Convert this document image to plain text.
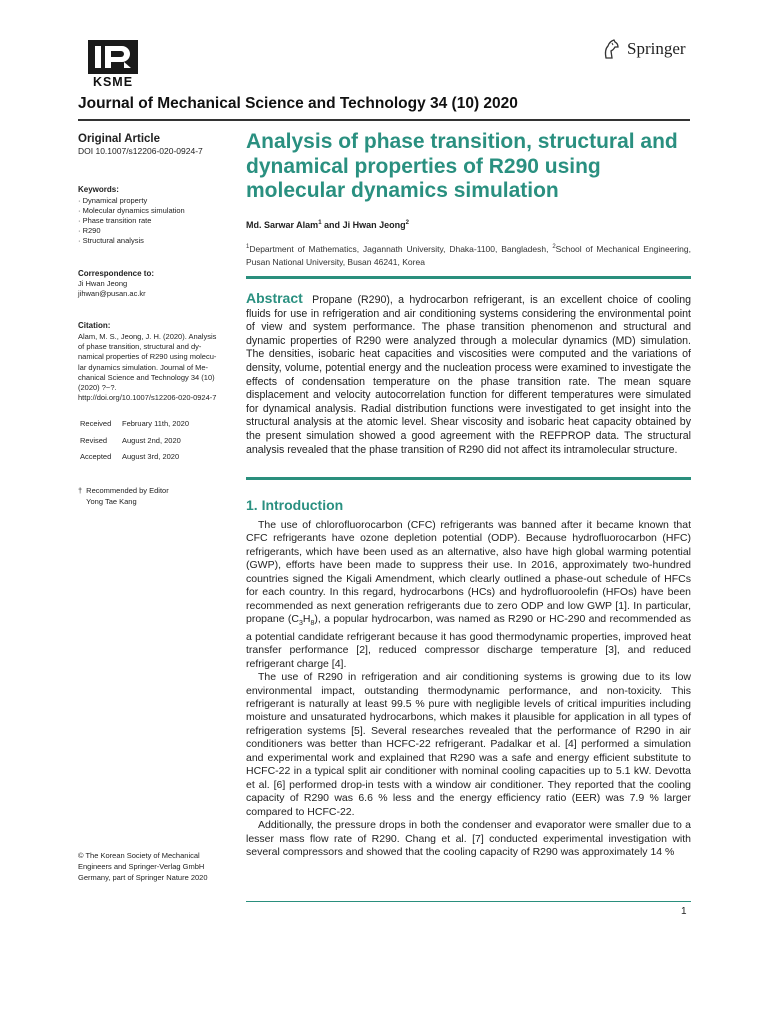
KSME
Springer
Journal of Mechanical Science and Technology 34 (10) 2020
Original Article
DOI 10.1007/s12206-020-0924-7
Keywords:
· Dynamical property
· Molecular dynamics simulation
· Phase transition rate
· R290
· Structural analysis
Correspondence to:
Ji Hwan Jeong
jihwan@pusan.ac.kr
Citation:
Alam, M. S., Jeong, J. H. (2020). Analysis
of phase transition, structural and dy-
namical properties of R290 using molecu-
lar dynamics simulation. Journal of Me-
chanical Science and Technology 34 (10)
(2020) ?~?.
http://doi.org/10.1007/s12206-020-0924-7
Received	February 11th, 2020
Revised	August 2nd, 2020
Accepted	August 3rd, 2020
† Recommended by Editor
Yong Tae Kang
© The Korean Society of Mechanical
Engineers and Springer-Verlag GmbH
Germany, part of Springer Nature 2020
Analysis of phase transition, structural and dynamical properties of R290 using molecular dynamics simulation
Md. Sarwar Alam$^1$ and Ji Hwan Jeong$^2$
$^1$Department of Mathematics, Jagannath University, Dhaka-1100, Bangladesh, $^2$School of Mechanical Engineering, Pusan National University, Busan 46241, Korea
Abstract Propane (R290), a hydrocarbon refrigerant, is an excellent choice of cooling fluids for use in refrigeration and air conditioning systems considering the environmental point of view and system performance. The phase transition phenomenon and structural and dynamic properties of R290 were analyzed through a molecular dynamics (MD) simulation. The densities, isobaric heat capacities and viscosities were computed and the variations of density, volume, potential energy and the nucleation process were examined to investigate the effects of condensation temperature on the phase transition rate. The mean square displacement and velocity autocorrelation function for different temperatures were simulated for dynamical analysis. Radial distribution functions were investigated to get insight into the structural analysis at the atomic level. Shear viscosity and isobaric heat capacity obtained by the present simulation showed a good agreement with the REFPROP data. The structural analysis revealed that the phase transition of R290 did not affect its intramolecular structure.
1. Introduction

The use of chlorofluorocarbon (CFC) refrigerants was banned after it became known that CFC refrigerants have ozone depletion potential (ODP). Because hydrofluorocarbon (HFC) refrigerants, which have been used as an alternative, also have high global warming potential (GWP), efforts have been made to suppress their use. In 2016, approximately two-hundred countries signed the Kigali Amendment, which clearly outlined a phase-out schedule of HFCs for each country. In this regard, hydrocarbons (HCs) and hydrofluoroolefin (HFOs) have been recommended as next generation refrigerants due to zero ODP and low GWP [1]. In particular, propane $(C_3H_8)$, a popular hydrocarbon, was named as R290 or HC-290 and recommended as a potential candidate refrigerant because it has good thermodynamic properties, improved heat transfer performance [2], reduced compressor discharge temperature [3], and reduced refrigerant charge [4].

The use of R290 in refrigeration and air conditioning systems is growing due to its low environmental impact, outstanding thermodynamic performance, and non-toxicity. This refrigerant is naturally at least 99.5 % pure with negligible levels of critical impurities including moisture and unsaturated hydrocarbons, which makes it plausible for application in all types of refrigeration systems [5]. Several researches revealed that the performance of R290 in air conditioners was better than HCFC-22 refrigerant. Padalkar et al. [4] performed a simulation and experimental work and explained that R290 was a safe and energy efficient substitute to HCFC-22 in a typical split air conditioner with nominal cooling capacities up to 5.1 kW. Devotta et al. [6] performed drop-in tests with a window air conditioner. They reported that the cooling capacity of R290 was 6.6 % less and the energy efficiency ratio (EER) was 7.9 % larger compared to HCFC-22.

Additionally, the pressure drops in both the condenser and evaporator were smaller due to a lesser mass flow rate of R290. Chang et al. [7] conducted experimental investigation with several compressors and showed that the cooling capacity of R290 was approximately 14 %

1
